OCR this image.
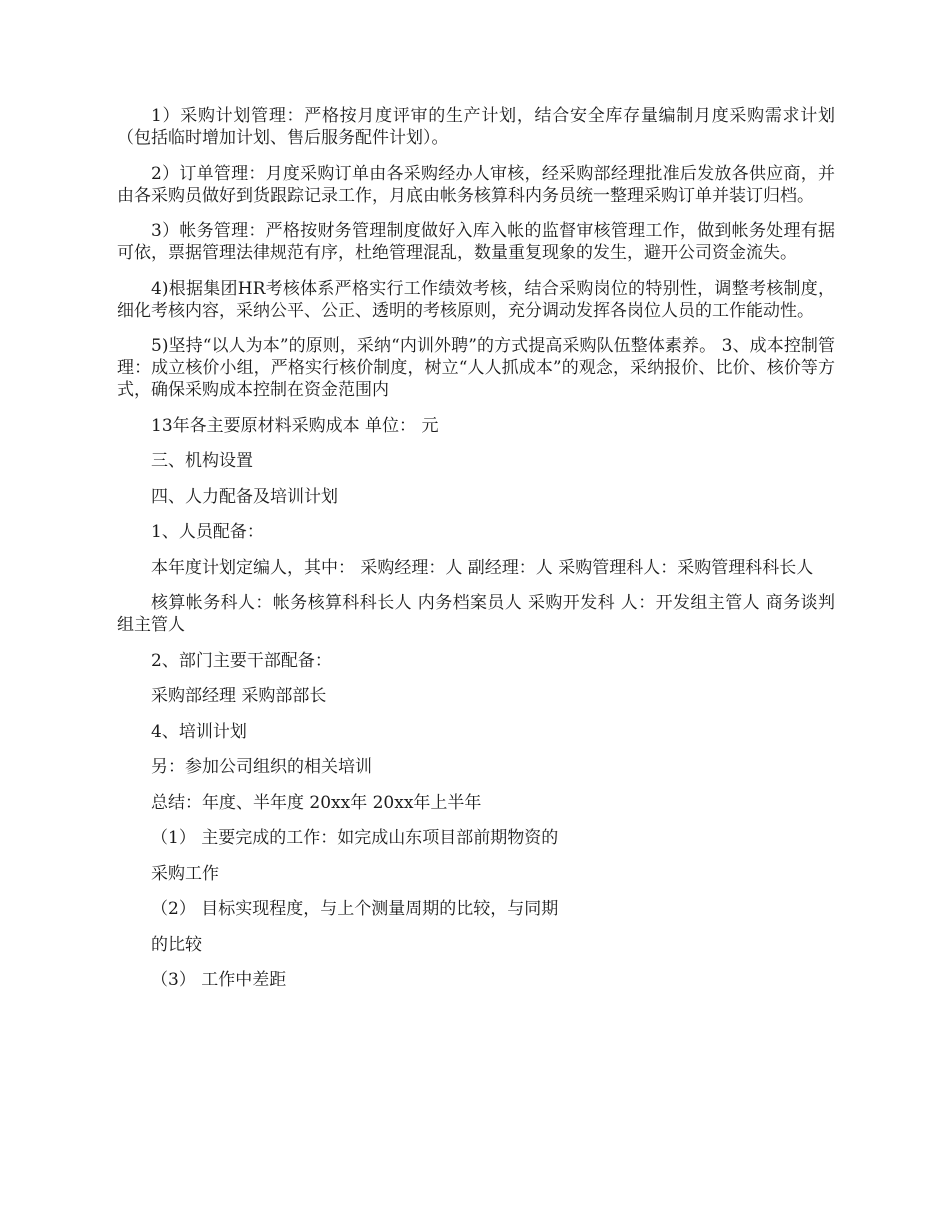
1）采购计划管理：严格按月度评审的生产计划，结合安全库存量编制月度采购需求计划（包括临时增加计划、售后服务配件计划）。

2）订单管理：月度采购订单由各采购经办人审核，经采购部经理批准后发放各供应商，并由各采购员做好到货跟踪记录工作，月底由帐务核算科内务员统一整理采购订单并装订归档。

3）帐务管理：严格按财务管理制度做好入库入帐的监督审核管理工作，做到帐务处理有据可依，票据管理法律规范有序，杜绝管理混乱，数量重复现象的发生，避开公司资金流失。

4)根据集团HR考核体系严格实行工作绩效考核，结合采购岗位的特别性，调整考核制度，细化考核内容，采纳公平、公正、透明的考核原则，充分调动发挥各岗位人员的工作能动性。

5)坚持“以人为本”的原则，采纳“内训外聘”的方式提高采购队伍整体素养。 3、成本控制管理：成立核价小组，严格实行核价制度，树立“人人抓成本”的观念，采纳报价、比价、核价等方式，确保采购成本控制在资金范围内

13年各主要原材料采购成本 单位： 元

三、机构设置

四、人力配备及培训计划

1、人员配备：

本年度计划定编人，其中： 采购经理：人 副经理：人 采购管理科人：采购管理科科长人

核算帐务科人：帐务核算科科长人 内务档案员人 采购开发科 人：开发组主管人 商务谈判组主管人

2、部门主要干部配备：

采购部经理 采购部部长

4、培训计划

另：参加公司组织的相关培训

总结：年度、半年度 20xx年 20xx年上半年

（1） 主要完成的工作：如完成山东项目部前期物资的

采购工作

（2） 目标实现程度，与上个测量周期的比较，与同期

的比较

（3） 工作中差距
